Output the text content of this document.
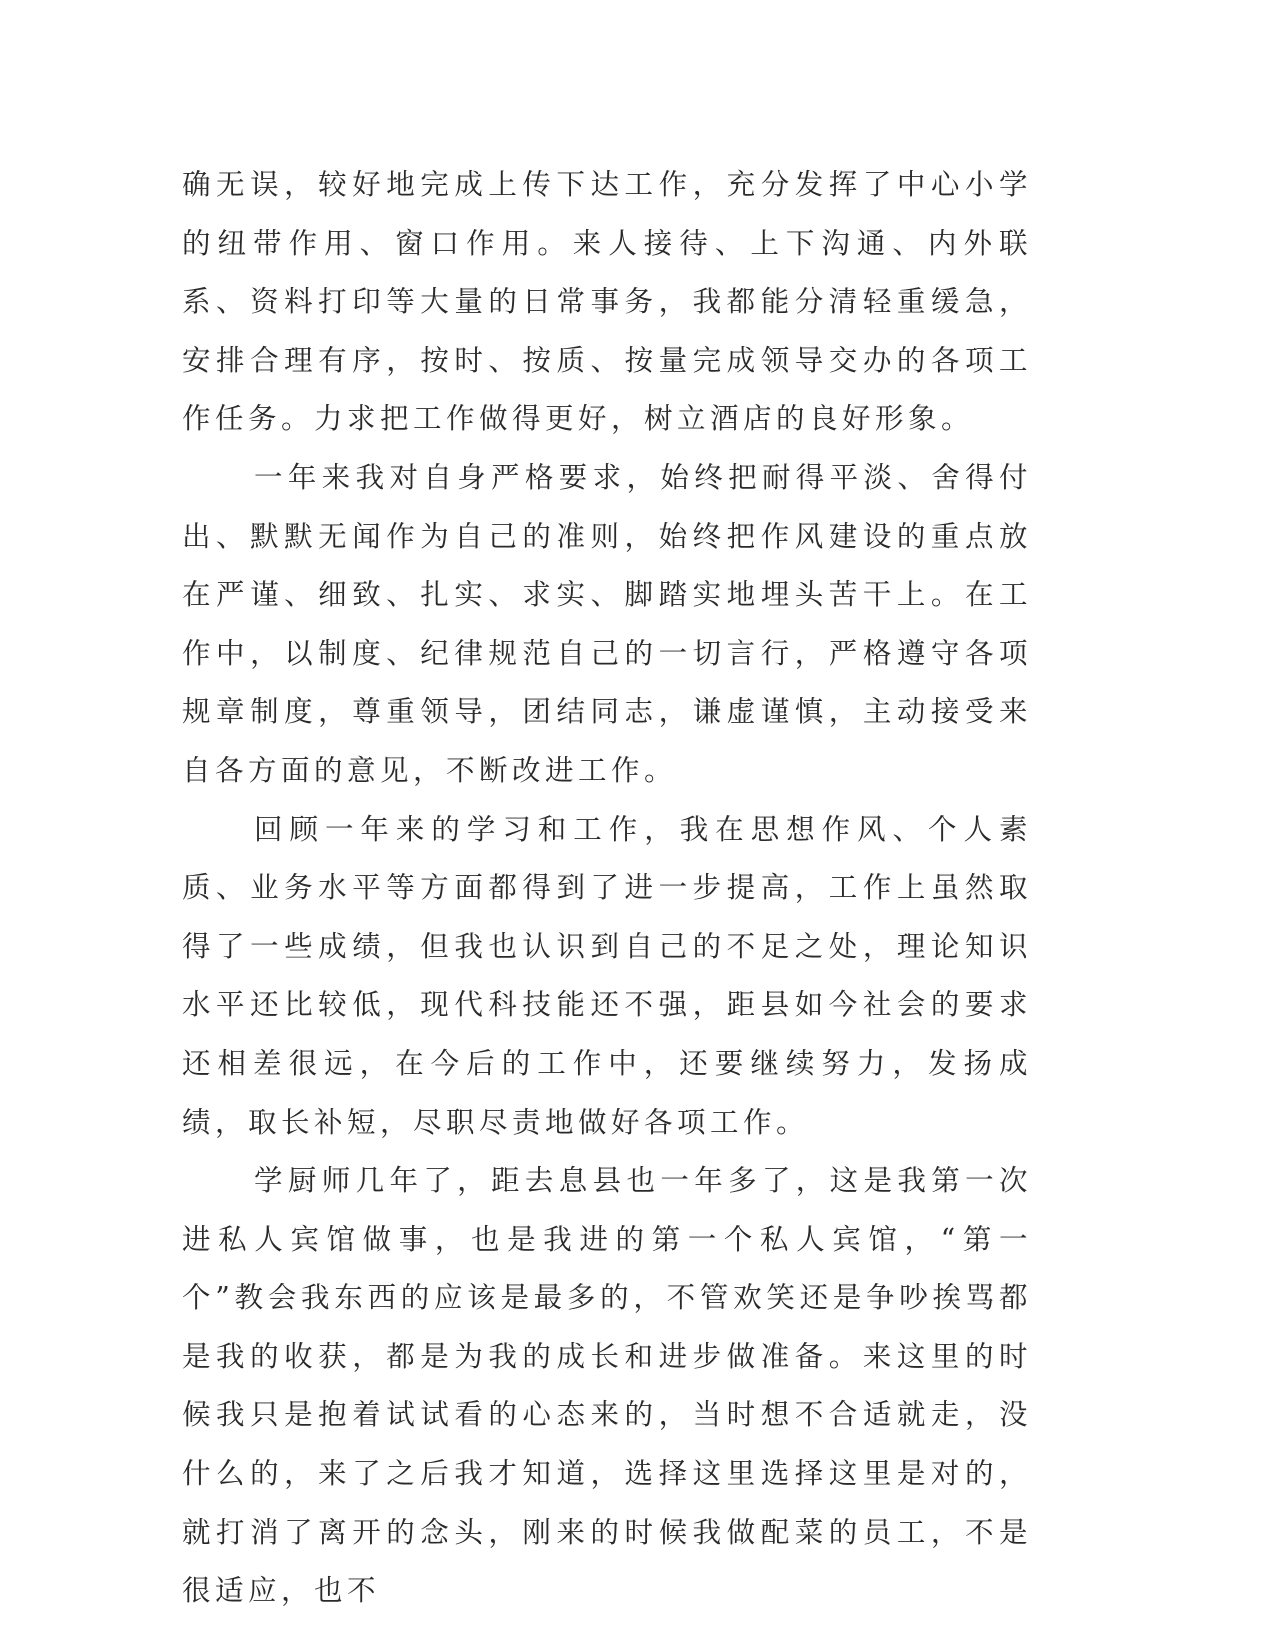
确无误，较好地完成上传下达工作，充分发挥了中心小学的纽带作用、窗口作用。来人接待、上下沟通、内外联系、资料打印等大量的日常事务，我都能分清轻重缓急，安排合理有序，按时、按质、按量完成领导交办的各项工作任务。力求把工作做得更好，树立酒店的良好形象。

一年来我对自身严格要求，始终把耐得平淡、舍得付出、默默无闻作为自己的准则，始终把作风建设的重点放在严谨、细致、扎实、求实、脚踏实地埋头苦干上。在工作中，以制度、纪律规范自己的一切言行，严格遵守各项规章制度，尊重领导，团结同志，谦虚谨慎，主动接受来自各方面的意见，不断改进工作。

回顾一年来的学习和工作，我在思想作风、个人素质、业务水平等方面都得到了进一步提高，工作上虽然取得了一些成绩，但我也认识到自己的不足之处，理论知识水平还比较低，现代科技能还不强，距县如今社会的要求还相差很远，在今后的工作中，还要继续努力，发扬成绩，取长补短，尽职尽责地做好各项工作。

学厨师几年了，距去息县也一年多了，这是我第一次进私人宾馆做事，也是我进的第一个私人宾馆，“第一个”教会我东西的应该是最多的，不管欢笑还是争吵挨骂都是我的收获，都是为我的成长和进步做准备。来这里的时候我只是抱着试试看的心态来的，当时想不合适就走，没什么的，来了之后我才知道，选择这里选择这里是对的，就打消了离开的念头，刚来的时候我做配菜的员工，不是很适应，也不
